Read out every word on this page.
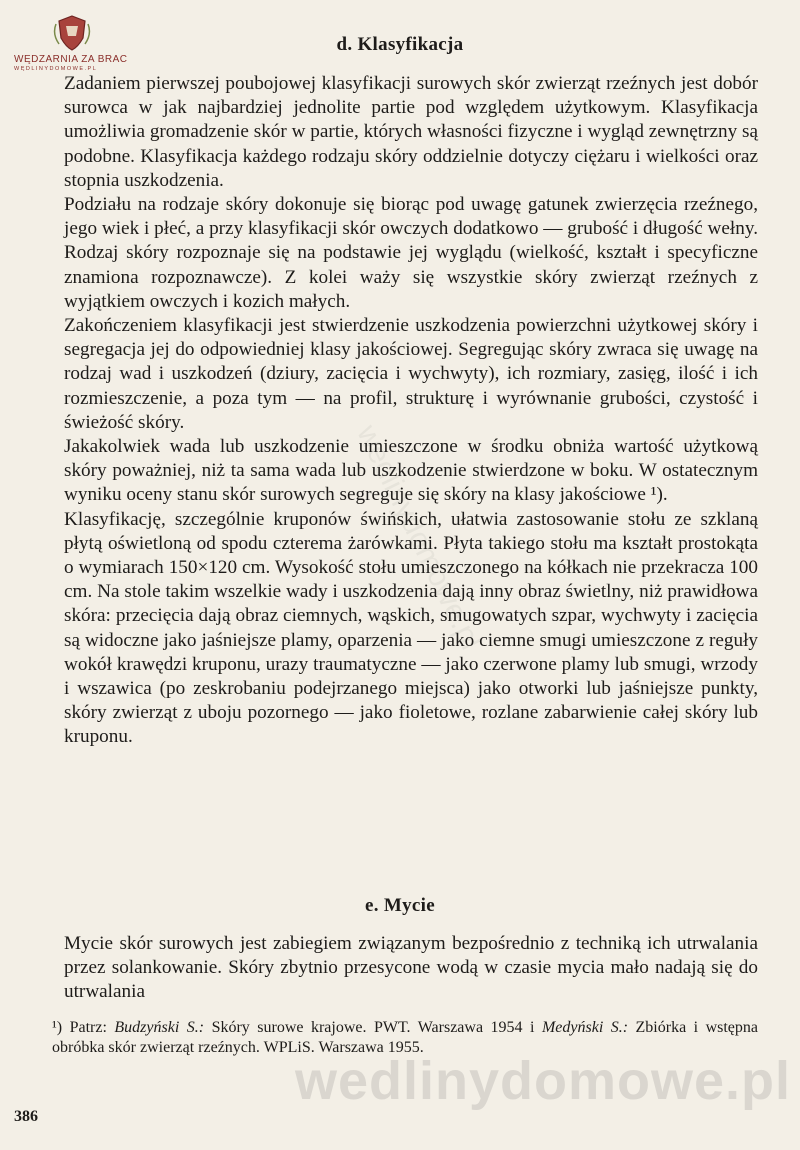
WĘDZARNIA ZA BRAC
WĘDLINYDOMOWE.PL
d. Klasyfikacja

Zadaniem pierwszej poubojowej klasyfikacji surowych skór zwierząt rzeźnych jest dobór surowca w jak najbardziej jednolite partie pod względem użytkowym. Klasyfikacja umożliwia gromadzenie skór w partie, których własności fizyczne i wygląd zewnętrzny są podobne. Klasyfikacja każdego rodzaju skóry oddzielnie dotyczy ciężaru i wielkości oraz stopnia uszkodzenia.

Podziału na rodzaje skóry dokonuje się biorąc pod uwagę gatunek zwierzęcia rzeźnego, jego wiek i płeć, a przy klasyfikacji skór owczych dodatkowo — grubość i długość wełny. Rodzaj skóry rozpoznaje się na podstawie jej wyglądu (wielkość, kształt i specyficzne znamiona rozpoznawcze). Z kolei waży się wszystkie skóry zwierząt rzeźnych z wyjątkiem owczych i kozich małych.

Zakończeniem klasyfikacji jest stwierdzenie uszkodzenia powierzchni użytkowej skóry i segregacja jej do odpowiedniej klasy jakościowej. Segregując skóry zwraca się uwagę na rodzaj wad i uszkodzeń (dziury, zacięcia i wychwyty), ich rozmiary, zasięg, ilość i ich rozmieszczenie, a poza tym — na profil, strukturę i wyrównanie grubości, czystość i świeżość skóry.

Jakakolwiek wada lub uszkodzenie umieszczone w środku obniża wartość użytkową skóry poważniej, niż ta sama wada lub uszkodzenie stwierdzone w boku. W ostatecznym wyniku oceny stanu skór surowych segreguje się skóry na klasy jakościowe ¹).

Klasyfikację, szczególnie kruponów świńskich, ułatwia zastosowanie stołu ze szklaną płytą oświetloną od spodu czterema żarówkami. Płyta takiego stołu ma kształt prostokąta o wymiarach 150×120 cm. Wysokość stołu umieszczonego na kółkach nie przekracza 100 cm. Na stole takim wszelkie wady i uszkodzenia dają inny obraz świetlny, niż prawidłowa skóra: przecięcia dają obraz ciemnych, wąskich, smugowatych szpar, wychwyty i zacięcia są widoczne jako jaśniejsze plamy, oparzenia — jako ciemne smugi umieszczone z reguły wokół krawędzi kruponu, urazy traumatyczne — jako czerwone plamy lub smugi, wrzody i wszawica (po zeskrobaniu podejrzanego miejsca) jako otworki lub jaśniejsze punkty, skóry zwierząt z uboju pozornego — jako fioletowe, rozlane zabarwienie całej skóry lub kruponu.

e. Mycie

Mycie skór surowych jest zabiegiem związanym bezpośrednio z techniką ich utrwalania przez solankowanie. Skóry zbytnio przesycone wodą w czasie mycia mało nadają się do utrwalania

¹) Patrz: Budzyński S.: Skóry surowe krajowe. PWT. Warszawa 1954 i Medyński S.: Zbiórka i wstępna obróbka skór zwierząt rzeźnych. WPLiS. Warszawa 1955.

wedlinydomowe.pl
wedlinydomowe.pl
386
